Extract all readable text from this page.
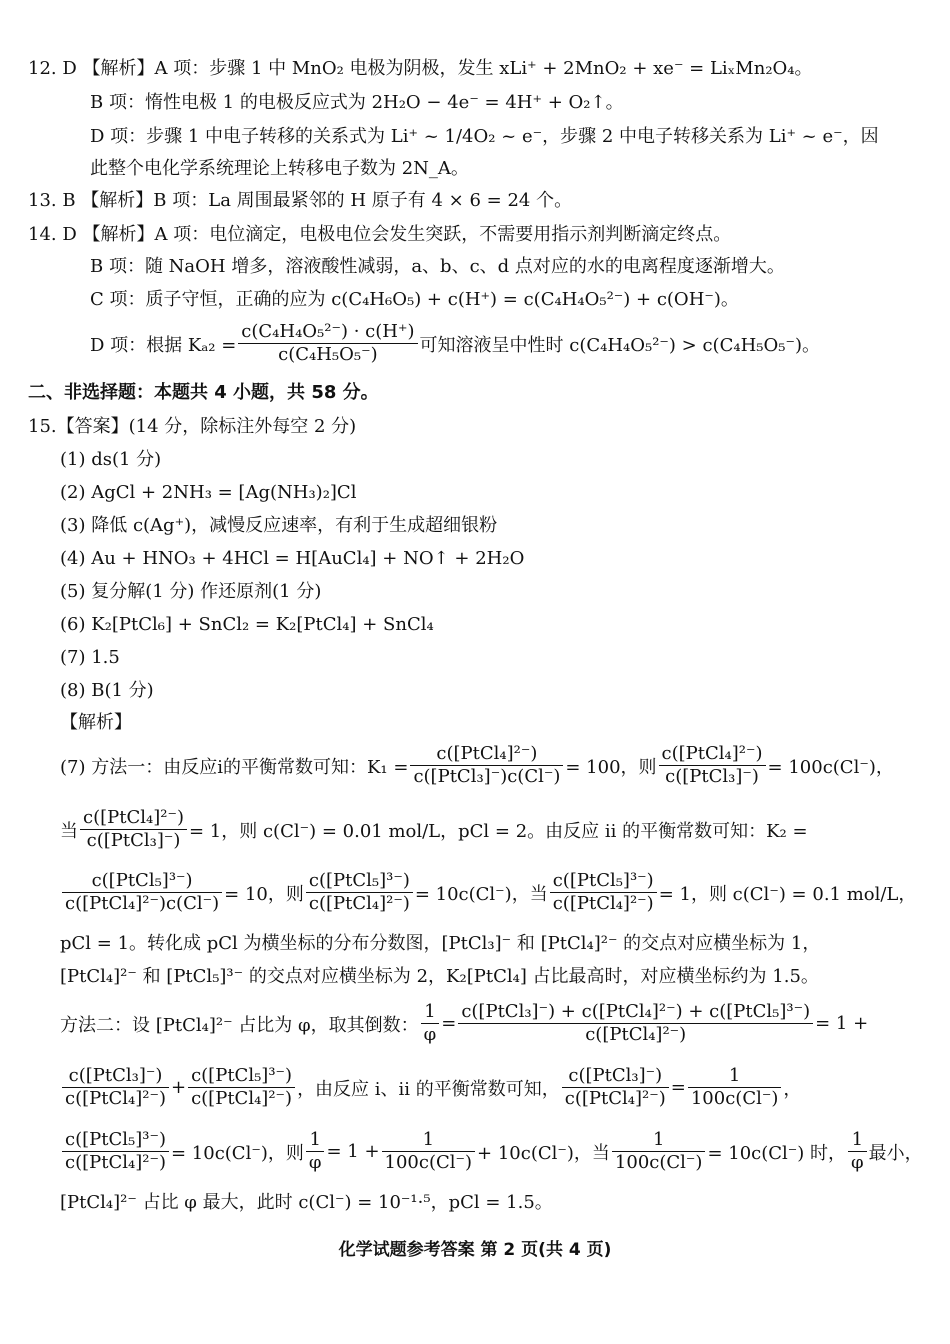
12. D 【解析】A 项：步骤 1 中 MnO₂ 电极为阴极，发生 xLi⁺ + 2MnO₂ + xe⁻ = LiₓMn₂O₄。
B 项：惰性电极 1 的电极反应式为 2H₂O − 4e⁻ = 4H⁺ + O₂↑。
D 项：步骤 1 中电子转移的关系式为 Li⁺ ~ 1/4O₂ ~ e⁻，步骤 2 中电子转移关系为 Li⁺ ~ e⁻，因
此整个电化学系统理论上转移电子数为 2N_A。
13. B 【解析】B 项：La 周围最紧邻的 H 原子有 4 × 6 = 24 个。
14. D 【解析】A 项：电位滴定，电极电位会发生突跃，不需要用指示剂判断滴定终点。
B 项：随 NaOH 增多，溶液酸性减弱，a、b、c、d 点对应的水的电离程度逐渐增大。
C 项：质子守恒，正确的应为 c(C₄H₆O₅) + c(H⁺) = c(C₄H₄O₅²⁻) + c(OH⁻)。
D 项：根据 $K_{a2} = \frac{\text{c(C₄H₄O₅²⁻) · c(H⁺)}}{\text{c(C₄H₅O₅⁻)}}$ 可知溶液呈中性时 c(C₄H₄O₅²⁻) > c(C₄H₅O₅⁻)。
二、非选择题：本题共 4 小题，共 58 分。
15.【答案】(14 分，除标注外每空 2 分)
(1) ds(1 分)
(2) AgCl + 2NH₃ = [Ag(NH₃)₂]Cl
(3) 降低 c(Ag⁺)，减慢反应速率，有利于生成超细银粉
(4) Au + HNO₃ + 4HCl = H[AuCl₄] + NO↑ + 2H₂O
(5) 复分解(1 分) 作还原剂(1 分)
(6) K₂[PtCl₆] + SnCl₂ = K₂[PtCl₄] + SnCl₄
(7) 1.5
(8) B(1 分)
【解析】
(7) 方法一：由反应ⅰ的平衡常数可知：$K_1 = \frac{\text{c([PtCl₄]²⁻)}}{\text{c([PtCl₃]⁻)c(Cl⁻)}} = 100$，则 $\frac{\text{c([PtCl₄]²⁻)}}{\text{c([PtCl₃]⁻)}} = 100c(Cl^-)$，
当 $\frac{\text{c([PtCl₄]²⁻)}}{\text{c([PtCl₃]⁻)}} = 1$，则 c(Cl⁻) = 0.01 mol/L，pCl = 2。由反应 ⅱ 的平衡常数可知：K₂ =
$\frac{\text{c([PtCl₅]³⁻)}}{\text{c([PtCl₄]²⁻)c(Cl⁻)}} = 10$，则 $\frac{\text{c([PtCl₅]³⁻)}}{\text{c([PtCl₄]²⁻)}} = 10c(Cl^-)$，当 $\frac{\text{c([PtCl₅]³⁻)}}{\text{c([PtCl₄]²⁻)}} = 1$，则 c(Cl⁻) = 0.1 mol/L，
pCl = 1。转化成 pCl 为横坐标的分布分数图，[PtCl₃]⁻ 和 [PtCl₄]²⁻ 的交点对应横坐标为 1，
[PtCl₄]²⁻ 和 [PtCl₅]³⁻ 的交点对应横坐标为 2，K₂[PtCl₄] 占比最高时，对应横坐标约为 1.5。
方法二：设 [PtCl₄]²⁻ 占比为 φ，取其倒数： $\frac{1}{\varphi} = \frac{\text{c([PtCl₃]⁻) + c([PtCl₄]²⁻) + c([PtCl₅]³⁻)}}{\text{c([PtCl₄]²⁻)}} = 1$ +
$\frac{\text{c([PtCl₃]⁻)}}{\text{c([PtCl₄]²⁻)}} + \frac{\text{c([PtCl₅]³⁻)}}{\text{c([PtCl₄]²⁻)}}$ ，由反应 ⅰ、ⅱ 的平衡常数可知， $\frac{\text{c([PtCl₃]⁻)}}{\text{c([PtCl₄]²⁻)}} = \frac{1}{100c(Cl^-)}$ ，
$\frac{\text{c([PtCl₅]³⁻)}}{\text{c([PtCl₄]²⁻)}} = 10c(Cl^-)$，则 $\frac{1}{\varphi} = 1 + \frac{1}{100c(Cl^-)} + 10c(Cl^-)$，当 $\frac{1}{100c(Cl^-)} = 10c(Cl^-)$ 时， $\frac{1}{\varphi}$ 最小，
[PtCl₄]²⁻ 占比 φ 最大，此时 c(Cl⁻) = 10⁻¹·⁵，pCl = 1.5。
化学试题参考答案 第 2 页(共 4 页)
